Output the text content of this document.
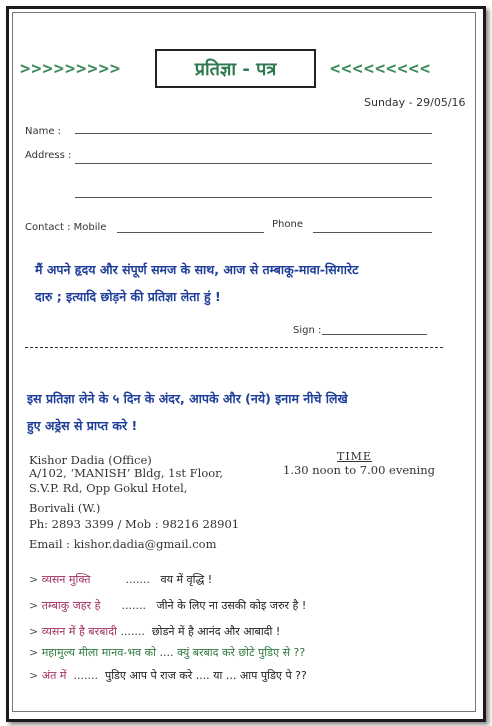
>>>>>>>>>	प्रतिज्ञा - पत्र	<<<<<<<<<
Sunday - 29/05/16
Name :
Address :
Contact : Mobile	Phone
मैं अपने हृदय और संपूर्ण समज के साथ, आज से तम्बाकू-मावा-सिगारेट
दारु ; इत्यादि छोड़ने की प्रतिज्ञा लेता हुं !
Sign :
इस प्रतिज्ञा लेने के ५ दिन के अंदर, आपके और (नये) इनाम नीचे लिखे
हुए अड्रेस से प्राप्त करे !
Kishor Dadia (Office)
A/102, ‘MANISH’ Bldg, 1st Floor,
S.V.P. Rd, Opp Gokul Hotel,
Borivali (W.)
Ph: 2893 3399 / Mob : 98216 28901
Email : kishor.dadia@gmail.com
TIME
1.30 noon to 7.00 evening
> व्यसन मुक्ति	....... वय में वृद्धि !
> तम्बाकु जहर हे ....... जीने के लिए ना उसकी कोइ जरुर है !
> व्यसन में है बरबादी ....... छोडने में है आनंद और आबादी !
> महामुल्य मीला मानव-भव को .... क्युं बरबाद करे छोटे पुडिए से ??
> अंत में ....... पुडिए आप पे राज करे .... या ... आप पुडिए पे ??
